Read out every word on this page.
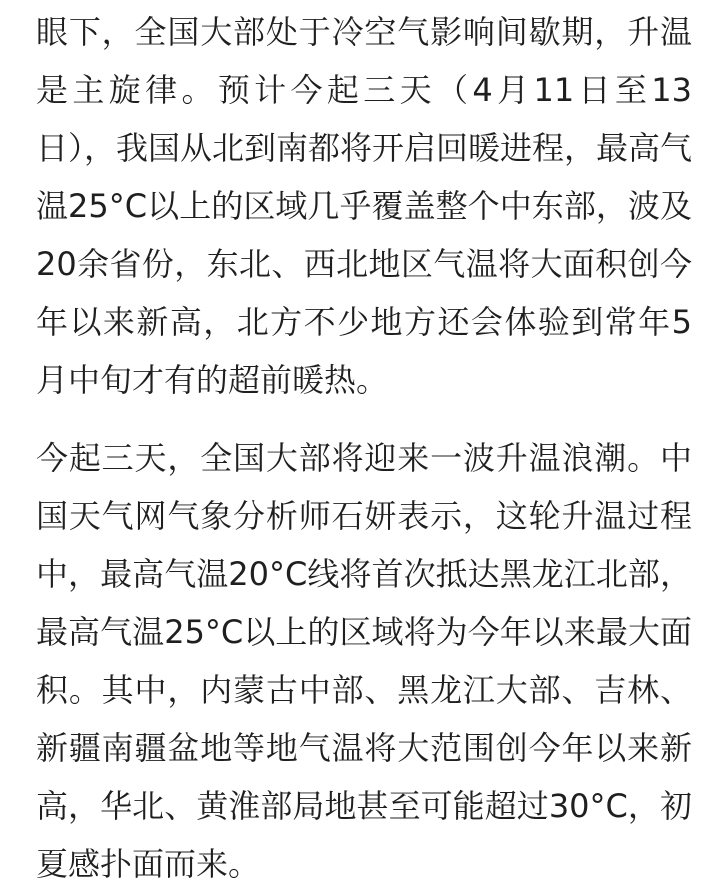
眼下，全国大部处于冷空气影响间歇期，升温是主旋律。预计今起三天（4月11日至13日），我国从北到南都将开启回暖进程，最高气温25°C以上的区域几乎覆盖整个中东部，波及20余省份，东北、西北地区气温将大面积创今年以来新高，北方不少地方还会体验到常年5月中旬才有的超前暖热。

今起三天，全国大部将迎来一波升温浪潮。中国天气网气象分析师石妍表示，这轮升温过程中，最高气温20°C线将首次抵达黑龙江北部，最高气温25°C以上的区域将为今年以来最大面积。其中，内蒙古中部、黑龙江大部、吉林、新疆南疆盆地等地气温将大范围创今年以来新高，华北、黄淮部局地甚至可能超过30°C，初夏感扑面而来。
